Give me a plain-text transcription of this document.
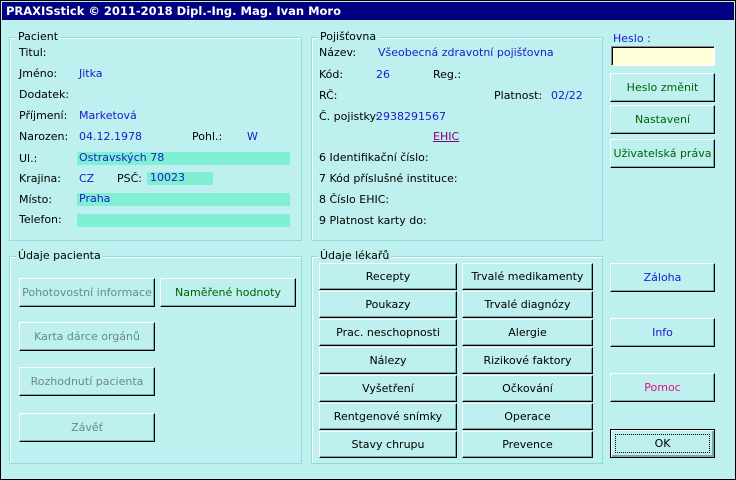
PRAXISstick © 2011-2018 Dipl.-Ing. Mag. Ivan Moro
Pacient
Titul:
Jméno: Jitka
Dodatek:
Příjmení: Marketová
Narozen: 04.12.1978	Pohl.: W
Ul.:	Ostravských 78
Krajina: CZ PSČ: 10023
Místo: Praha
Telefon:
Pojišťovna
Název: Všeobecná zdravotní pojišťovna
Kód:	26	Reg.:
RČ:	Platnost: 02/22
Č. pojistky:
2938291567
EHIC
6 Identifikační číslo:
7 Kód příslušné instituce:
8 Číslo EHIC:
9 Platnost karty do:
Údaje pacienta
Pohotovostní informace	Naměřené hodnoty
Karta dárce orgánů
Rozhodnutí pacienta
Závěť
Údaje lékařů
Recepty
Poukazy
Prac. neschopnosti
Nálezy
Vyšetření
Rentgenové snímky
Stavy chrupu
Trvalé medikamenty
Trvalé diagnózy
Alergie
Rizikové faktory
Očkování
Operace
Prevence
Heslo :
Heslo změnit
Nastavení
Uživatelská práva
Záloha
Info
Pomoc
OK
